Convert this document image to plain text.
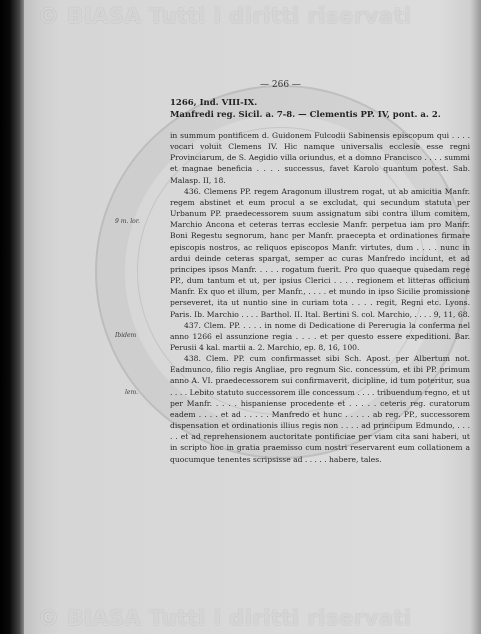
© BIASA Tutti i diritti riservati
© BIASA Tutti i diritti riservati
— 266 —
1266, Ind. VIII-IX.
Manfredi reg. Sicil. a. 7-8. — Clementis PP. IV, pont. a. 2.
9 m. lor.
Ibidem
lem.

in summum pontificem d. Guidonem Fulcodii Sabinensis episcopum qui . . . . vocari voluit Clemens IV. Hic namque universalis ecclesie esse regni Provinciarum, de S. Aegidio villa oriundus, et a domno Francisco . . . . summi et magnae beneficia . . . . successus, favet Karolo quantum potest. Sab. Malasp. II, 18.

436. Clemens PP. regem Aragonum illustrem rogat, ut ab amicitia Manfr. regem abstinet et eum procul a se excludat, qui secundum statuta per Urbanum PP. praedecessorem suum assignatum sibi contra illum comitem, Marchio Ancona et ceteras terras ecclesie Manfr. perpetua iam pro Manfr. Boni Regestu segnorum, hanc per Manfr. praecepta et ordinationes firmare episcopis nostros, ac reliquos episcopos Manfr. virtutes, dum . . . . nunc in ardui deinde ceteras spargat, semper ac curas Manfredo incidunt, et ad principes ipsos Manfr. . . . . rogatum fuerit. Pro quo quaeque quaedam rege PP., dum tantum et ut, per ipsius Clerici . . . . regionem et litteras officium Manfr. Ex quo et illum, per Manfr., . . . . et mundo in ipso Sicilie promissione perseveret, ita ut nuntio sine in curiam tota . . . . regit, Regni etc. Lyons. Paris. Ib. Marchio . . . . Barthol. II. Ital. Bertini S. col. Marchio, . . . . 9, 11, 68.

437. Clem. PP. . . . . in nome di Dedicatione di Pererugia la conferma nel anno 1266 el assunzione regia . . . . et per questo essere expeditioni. Bar. Perusii 4 kal. martii a. 2. Marchio, ep. 8, 16, 100.

438. Clem. PP. cum confirmasset sibi Sch. Apost. per Albertum not. Eadmunco, filio regis Angliae, pro regnum Sic. concessum, et ibi PP. primum anno A. VI. praedecessorem sui confirmaverit, dicipline, id tum poteritur, sua . . . . Lebito statuto successorem ille concessum . . . . tribuendum regno, et ut per Manfr. . . . . hispaniense procedente et . . . . . ceteris reg. curatorum eadem . . . . et ad . . . . . Manfredo et hunc . . . . . ab reg. PP., successorem dispensation et ordinationis illius regis non . . . . ad principum Edmundo, . . . . . et ad reprehensionem auctoritate pontificiae per viam cita sani haberi, ut in scripto hoc in gratia praemisso cum nostri reservarent eum collationem a quocumque tenentes scripsisse ad . . . . . habere, tales.
